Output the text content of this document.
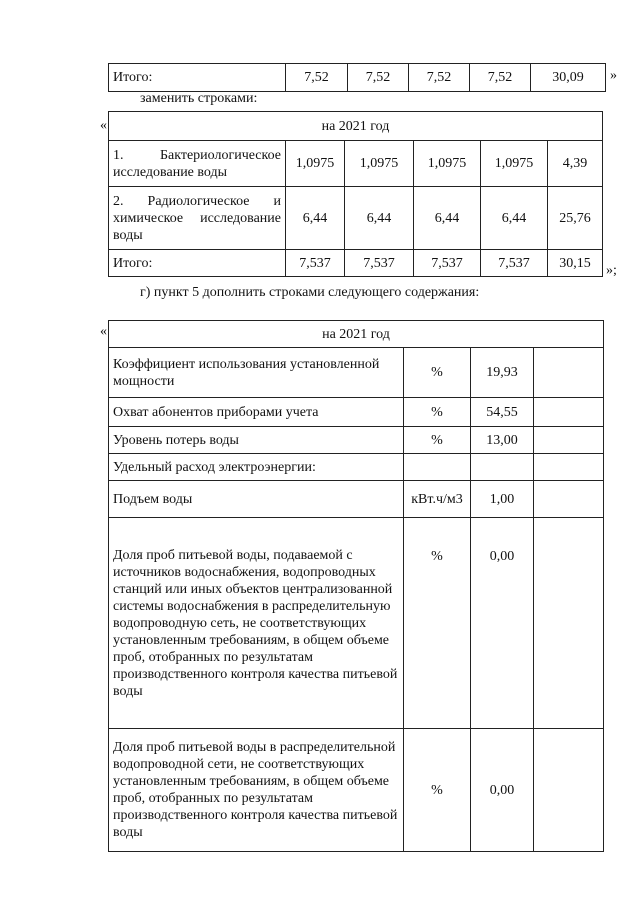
Итого:	7,52	7,52	7,52	7,52	30,09 »
заменить строками:
«	на 2021 год					
1. Бактериологическое исследование воды	1,0975	1,0975	1,0975	1,0975	4,39
2. Радиологическое и химическое исследование воды	6,44	6,44	6,44	6,44	25,76
Итого:	7,537	7,537	7,537	7,537	30,15 »;
г) пункт 5 дополнить строками следующего содержания:
«	на 2021 год			
Коэффициент использования установленной мощности	%	19,93	
Охват абонентов приборами учета	%	54,55	
Уровень потерь воды	%	13,00	
Удельный расход электроэнергии:			
Подъем воды	кВт.ч/м3	1,00	
Доля проб питьевой воды, подаваемой с источников водоснабжения, водопроводных станций или иных объектов централизованной системы водоснабжения в распределительную водопроводную сеть, не соответствующих установленным требованиям, в общем объеме проб, отобранных по результатам производственного контроля качества питьевой воды	%	0,00	
Доля проб питьевой воды в распределительной водопроводной сети, не соответствующих установленным требованиям, в общем объеме проб, отобранных по результатам производственного контроля качества питьевой воды	%	0,00	
